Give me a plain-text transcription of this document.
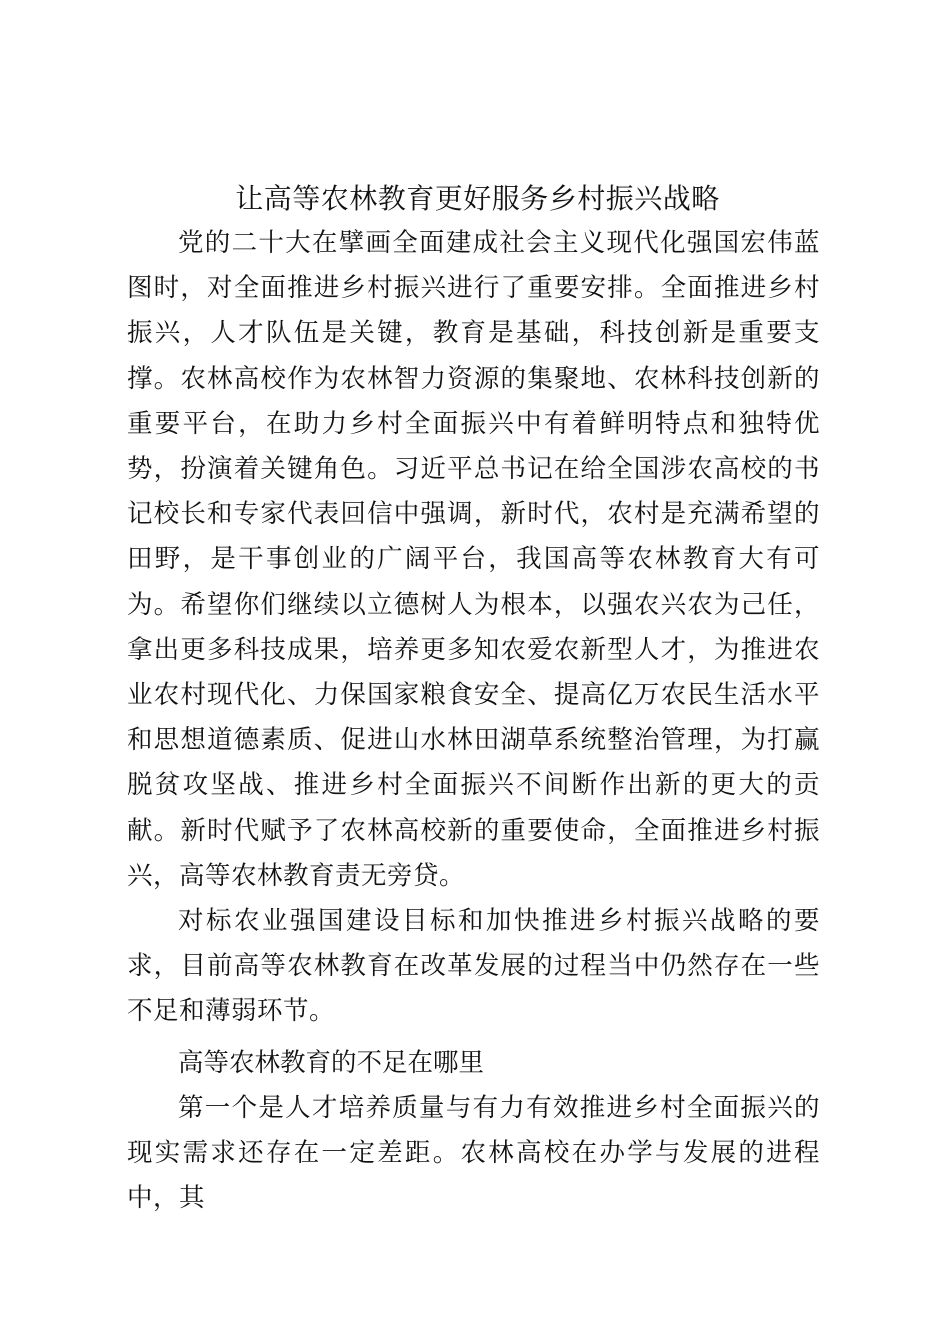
让高等农林教育更好服务乡村振兴战略

党的二十大在擘画全面建成社会主义现代化强国宏伟蓝图时，对全面推进乡村振兴进行了重要安排。全面推进乡村振兴，人才队伍是关键，教育是基础，科技创新是重要支撑。农林高校作为农林智力资源的集聚地、农林科技创新的重要平台，在助力乡村全面振兴中有着鲜明特点和独特优势，扮演着关键角色。习近平总书记在给全国涉农高校的书记校长和专家代表回信中强调，新时代，农村是充满希望的田野，是干事创业的广阔平台，我国高等农林教育大有可为。希望你们继续以立德树人为根本，以强农兴农为己任，拿出更多科技成果，培养更多知农爱农新型人才，为推进农业农村现代化、力保国家粮食安全、提高亿万农民生活水平和思想道德素质、促进山水林田湖草系统整治管理，为打赢脱贫攻坚战、推进乡村全面振兴不间断作出新的更大的贡献。新时代赋予了农林高校新的重要使命，全面推进乡村振兴，高等农林教育责无旁贷。

对标农业强国建设目标和加快推进乡村振兴战略的要求，目前高等农林教育在改革发展的过程当中仍然存在一些不足和薄弱环节。

高等农林教育的不足在哪里

第一个是人才培养质量与有力有效推进乡村全面振兴的现实需求还存在一定差距。农林高校在办学与发展的进程中，其
